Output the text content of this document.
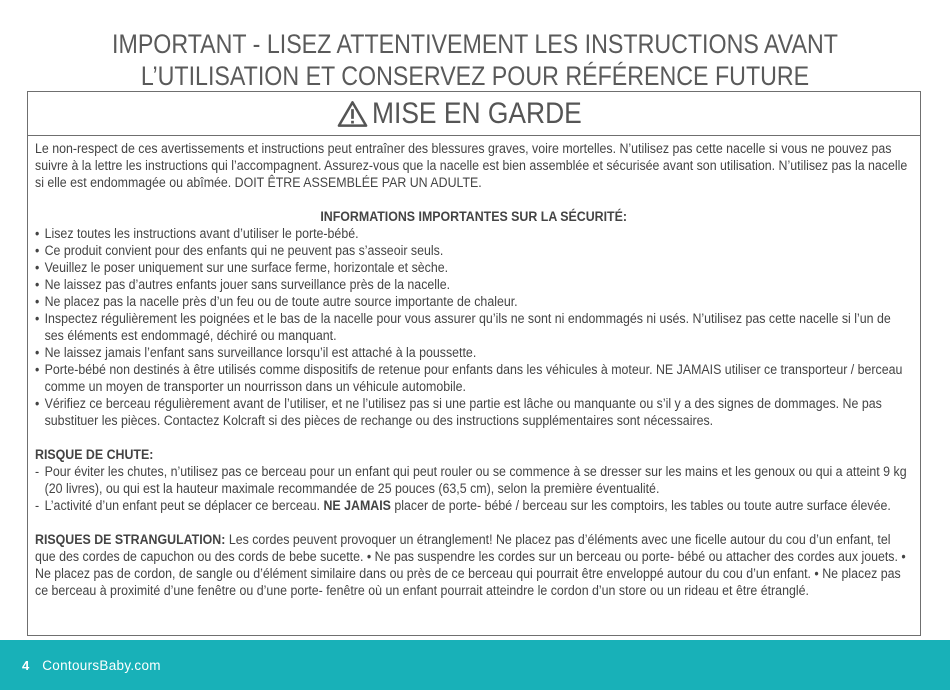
IMPORTANT - LISEZ ATTENTIVEMENT LES INSTRUCTIONS AVANT
L’UTILISATION ET CONSERVEZ POUR RÉFÉRENCE FUTURE
MISE EN GARDE

Le non-respect de ces avertissements et instructions peut entraîner des blessures graves, voire mortelles. N’utilisez pas cette nacelle si vous ne pouvez pas suivre à la lettre les instructions qui l’accompagnent. Assurez-vous que la nacelle est bien assemblée et sécurisée avant son utilisation. N’utilisez pas la nacelle si elle est endommagée ou abîmée. DOIT ÊTRE ASSEMBLÉE PAR UN ADULTE.

INFORMATIONS IMPORTANTES SUR LA SÉCURITÉ:

• Lisez toutes les instructions avant d’utiliser le porte-bébé.
• Ce produit convient pour des enfants qui ne peuvent pas s’asseoir seuls.
• Veuillez le poser uniquement sur une surface ferme, horizontale et sèche.
• Ne laissez pas d’autres enfants jouer sans surveillance près de la nacelle.
• Ne placez pas la nacelle près d’un feu ou de toute autre source importante de chaleur.
• Inspectez régulièrement les poignées et le bas de la nacelle pour vous assurer qu’ils ne sont ni endommagés ni usés. N’utilisez pas cette nacelle si l’un de ses éléments est endommagé, déchiré ou manquant.
• Ne laissez jamais l’enfant sans surveillance lorsqu’il est attaché à la poussette.
• Porte-bébé non destinés à être utilisés comme dispositifs de retenue pour enfants dans les véhicules à moteur. NE JAMAIS utiliser ce transporteur / berceau comme un moyen de transporter un nourrisson dans un véhicule automobile.
• Vérifiez ce berceau régulièrement avant de l’utiliser, et ne l’utilisez pas si une partie est lâche ou manquante ou s’il y a des signes de dommages. Ne pas substituer les pièces. Contactez Kolcraft si des pièces de rechange ou des instructions supplémentaires sont nécessaires.

RISQUE DE CHUTE:

- Pour éviter les chutes, n’utilisez pas ce berceau pour un enfant qui peut rouler ou se commence à se dresser sur les mains et les genoux ou qui a atteint 9 kg (20 livres), ou qui est la hauteur maximale recommandée de 25 pouces (63,5 cm), selon la première éventualité.
- L’activité d’un enfant peut se déplacer ce berceau. NE JAMAIS placer de porte- bébé / berceau sur les comptoirs, les tables ou toute autre surface élevée.

RISQUES DE STRANGULATION: Les cordes peuvent provoquer un étranglement! Ne placez pas d’éléments avec une ficelle autour du cou d’un enfant, tel que des cordes de capuchon ou des cords de bebe sucette. • Ne pas suspendre les cordes sur un berceau ou porte- bébé ou attacher des cordes aux jouets. • Ne placez pas de cordon, de sangle ou d’élément similaire dans ou près de ce berceau qui pourrait être enveloppé autour du cou d’un enfant. • Ne placez pas ce berceau à proximité d’une fenêtre ou d’une porte- fenêtre où un enfant pourrait atteindre le cordon d’un store ou un rideau et être étranglé.

4 ContoursBaby.com
